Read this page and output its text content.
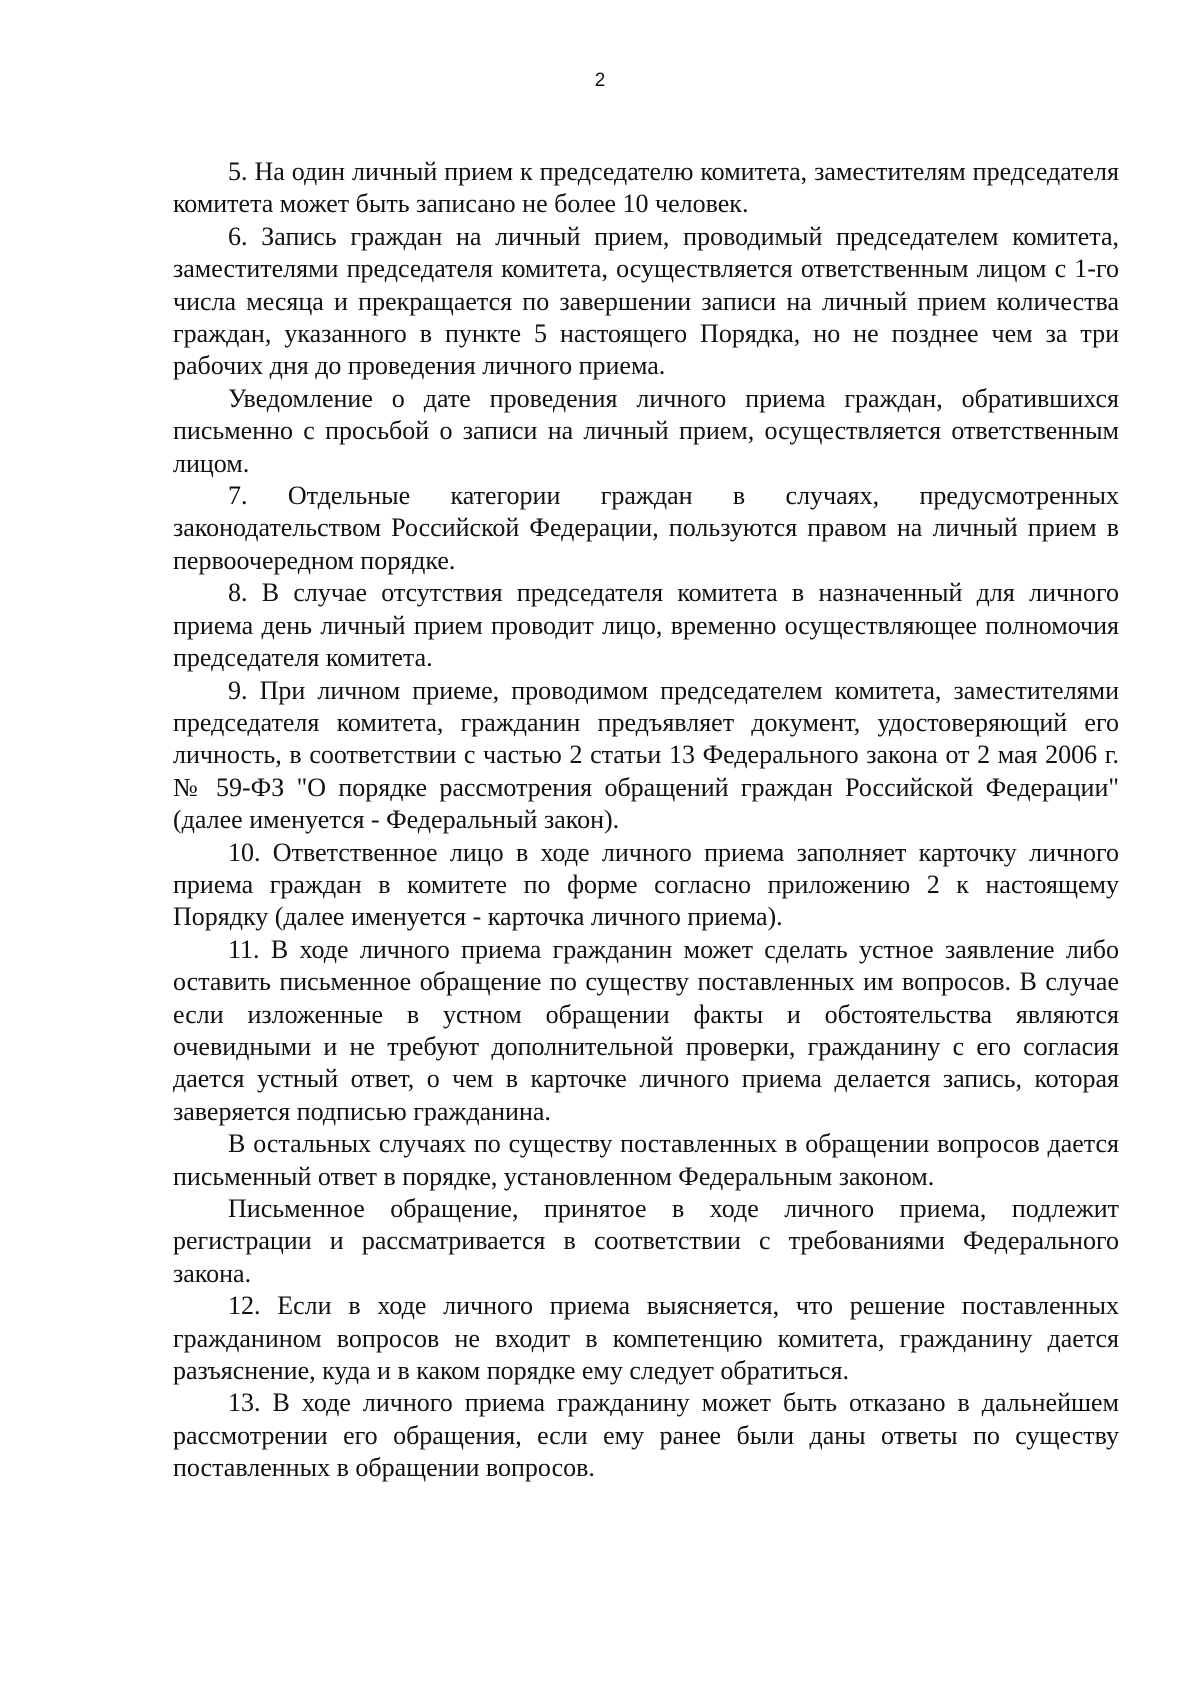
2

5. На один личный прием к председателю комитета, заместителям председателя комитета может быть записано не более 10 человек.

6. Запись граждан на личный прием, проводимый председателем комитета, заместителями председателя комитета, осуществляется ответственным лицом с 1-го числа месяца и прекращается по завершении записи на личный прием количества граждан, указанного в пункте 5 настоящего Порядка, но не позднее чем за три рабочих дня до проведения личного приема.

Уведомление о дате проведения личного приема граждан, обратившихся письменно с просьбой о записи на личный прием, осуществляется ответственным лицом.

7. Отдельные категории граждан в случаях, предусмотренных законодательством Российской Федерации, пользуются правом на личный прием в первоочередном порядке.

8. В случае отсутствия председателя комитета в назначенный для личного приема день личный прием проводит лицо, временно осуществляющее полномочия председателя комитета.

9. При личном приеме, проводимом председателем комитета, заместителями председателя комитета, гражданин предъявляет документ, удостоверяющий его личность, в соответствии с частью 2 статьи 13 Федерального закона от 2 мая 2006 г. № 59-ФЗ "О порядке рассмотрения обращений граждан Российской Федерации" (далее именуется - Федеральный закон).

10. Ответственное лицо в ходе личного приема заполняет карточку личного приема граждан в комитете по форме согласно приложению 2 к настоящему Порядку (далее именуется - карточка личного приема).

11. В ходе личного приема гражданин может сделать устное заявление либо оставить письменное обращение по существу поставленных им вопросов. В случае если изложенные в устном обращении факты и обстоятельства являются очевидными и не требуют дополнительной проверки, гражданину с его согласия дается устный ответ, о чем в карточке личного приема делается запись, которая заверяется подписью гражданина.

В остальных случаях по существу поставленных в обращении вопросов дается письменный ответ в порядке, установленном Федеральным законом.

Письменное обращение, принятое в ходе личного приема, подлежит регистрации и рассматривается в соответствии с требованиями Федерального закона.

12. Если в ходе личного приема выясняется, что решение поставленных гражданином вопросов не входит в компетенцию комитета, гражданину дается разъяснение, куда и в каком порядке ему следует обратиться.

13. В ходе личного приема гражданину может быть отказано в дальнейшем рассмотрении его обращения, если ему ранее были даны ответы по существу поставленных в обращении вопросов.
